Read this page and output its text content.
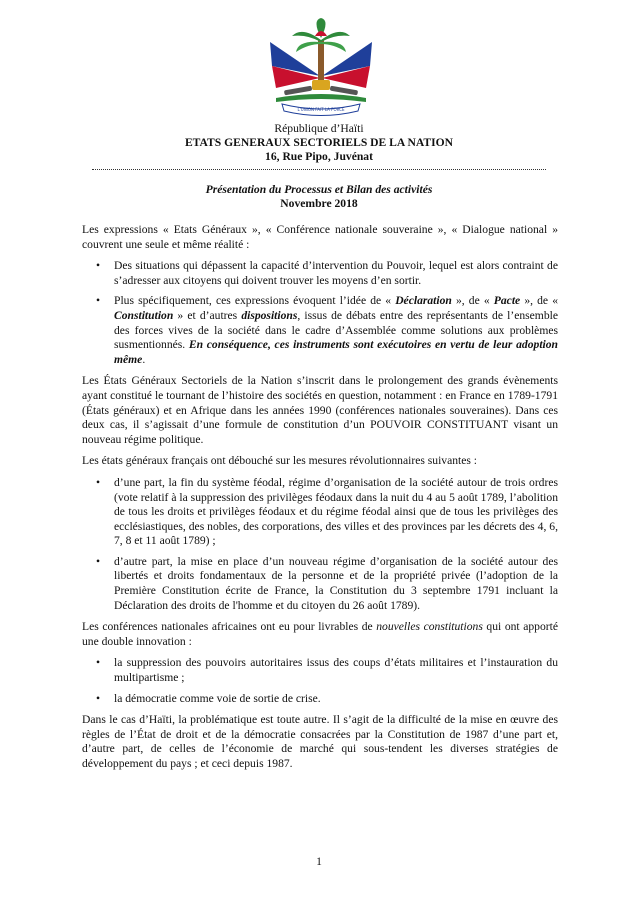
L'UNION FAIT LA FORCE
République d’Haïti
ETATS GENERAUX SECTORIELS DE LA NATION
16, Rue Pipo, Juvénat
Présentation du Processus et Bilan des activités
Novembre 2018

Les expressions « Etats Généraux », « Conférence nationale souveraine », « Dialogue national » couvrent une seule et même réalité :

• Des situations qui dépassent la capacité d’intervention du Pouvoir, lequel est alors contraint de s’adresser aux citoyens qui doivent trouver les moyens d’en sortir.
• Plus spécifiquement, ces expressions évoquent l’idée de « Déclaration », de « Pacte », de « Constitution » et d’autres dispositions, issus de débats entre des représentants de l’ensemble des forces vives de la société dans le cadre d’Assemblée comme solutions aux problèmes susmentionnés. En conséquence, ces instruments sont exécutoires en vertu de leur adoption même.

Les États Généraux Sectoriels de la Nation s’inscrit dans le prolongement des grands évènements ayant constitué le tournant de l’histoire des sociétés en question, notamment : en France en 1789-1791 (États généraux) et en Afrique dans les années 1990 (conférences nationales souveraines). Dans ces deux cas, il s’agissait d’une formule de constitution d’un POUVOIR CONSTITUANT visant un nouveau régime politique.

Les états généraux français ont débouché sur les mesures révolutionnaires suivantes :

• d’une part, la fin du système féodal, régime d’organisation de la société autour de trois ordres (vote relatif à la suppression des privilèges féodaux dans la nuit du 4 au 5 août 1789, l’abolition de tous les droits et privilèges féodaux et du régime féodal ainsi que de tous les privilèges des ecclésiastiques, des nobles, des corporations, des villes et des provinces par les décrets des 4, 6, 7, 8 et 11 août 1789) ;
• d’autre part, la mise en place d’un nouveau régime d’organisation de la société autour des libertés et droits fondamentaux de la personne et de la propriété privée (l’adoption de la Première Constitution écrite de France, la Constitution du 3 septembre 1791 incluant la Déclaration des droits de l'homme et du citoyen du 26 août 1789).

Les conférences nationales africaines ont eu pour livrables de nouvelles constitutions qui ont apporté une double innovation :

• la suppression des pouvoirs autoritaires issus des coups d’états militaires et l’instauration du multipartisme ;
• la démocratie comme voie de sortie de crise.

Dans le cas d’Haïti, la problématique est toute autre. Il s’agit de la difficulté de la mise en œuvre des règles de l’État de droit et de la démocratie consacrées par la Constitution de 1987 d’une part et, d’autre part, de celles de l’économie de marché qui sous-tendent les diverses stratégies de développement du pays ; et ceci depuis 1987.

1
